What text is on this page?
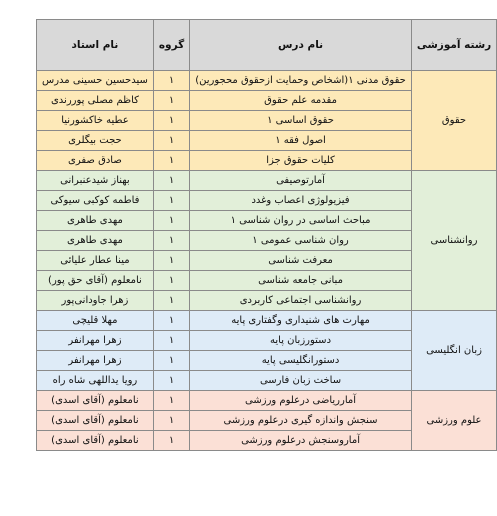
رشته آموزشی	نام درس	گروه	نام استاد
حقوق	حقوق مدنی ۱(اشخاص وحمایت ازحقوق محجورین)	۱	سیدحسین حسینی مدرس
	مقدمه علم حقوق	۱	کاظم مصلی پوررندی
	حقوق اساسی ۱	۱	عطیه خاکشورنیا
	اصول فقه ۱	۱	حجت بیگلری
	کلیات حقوق جزا	۱	صادق صفری
روانشناسی	آمارتوصیفی	۱	بهناز شیدعنبرانی
	فیزیولوژی اعصاب وغدد	۱	فاطمه کوکبی سیوکی
	مباحث اساسی در روان شناسی ۱	۱	مهدی طاهری
	روان شناسی عمومی ۱	۱	مهدی طاهری
	معرفت شناسی	۱	مینا عطار علیائی
	مبانی جامعه شناسی	۱	نامعلوم (آقای حق پور)
	روانشناسی اجتماعی کاربردی	۱	زهرا جاودانی‌پور
زبان انگلیسی	مهارت های شنیداری وگفتاری پایه	۱	مهلا قلیچی
	دستورزبان پایه	۱	زهرا مهرانفر
	دستورانگلیسی پایه	۱	زهرا مهرانفر
	ساخت زبان فارسی	۱	رویا یداللهی شاه راه
علوم ورزشی	آمارریاضی درعلوم ورزشی	۱	نامعلوم (آقای اسدی)
	سنجش واندازه گیری درعلوم ورزشی	۱	نامعلوم (آقای اسدی)
	آماروسنجش درعلوم ورزشی	۱	نامعلوم (آقای اسدی)
